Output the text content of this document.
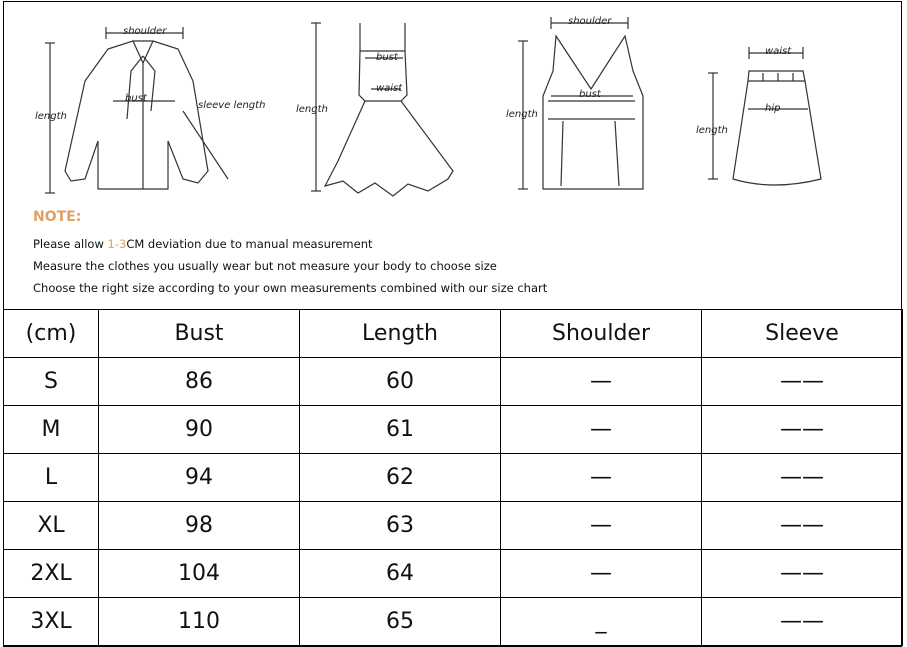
shoulder
bust
sleeve length
length
bust
waist
length
shoulder
bust
length
waist
hip
length
NOTE:
Please allow 1-3CM deviation due to manual measurement
Measure the clothes you usually wear but not measure your body to choose size
Choose the right size according to your own measurements combined with our size chart
(cm)	Bust	Length	Shoulder	Sleeve
S	86	60	—	——
M	90	61	—	——
L	94	62	—	——
XL	98	63	—	——
2XL	104	64	—	——
3XL	110	65	_	——
